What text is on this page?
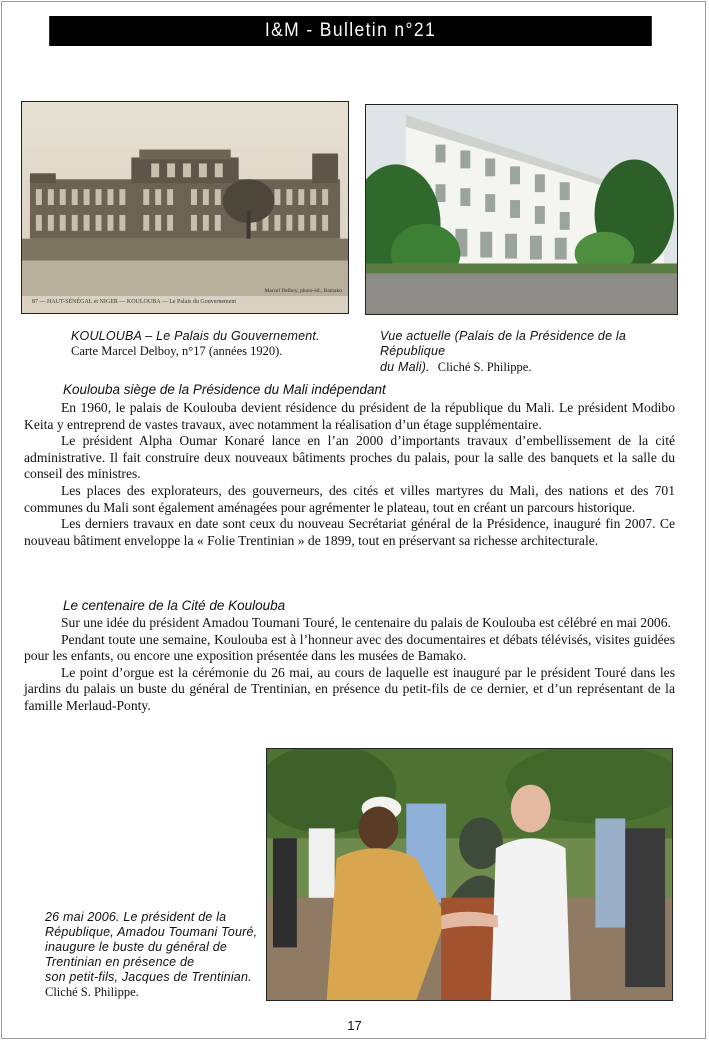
I&M - Bulletin n°21
Marcel Delboy, photo-éd., Bamako
87 — HAUT-SÉNÉGAL et NIGER — KOULOUBA — Le Palais du Gouvernement
KOULOUBA – Le Palais du Gouvernement.
Carte Marcel Delboy, n°17 (années 1920).
Vue actuelle (Palais de la Présidence de la République
du Mali). Cliché S. Philippe.
Koulouba siège de la Présidence du Mali indépendant

En 1960, le palais de Koulouba devient résidence du président de la république du Mali. Le président Modibo Keita y entreprend de vastes travaux, avec notamment la réalisation d’un étage supplémentaire.

Le président Alpha Oumar Konaré lance en l’an 2000 d’importants travaux d’embellissement de la cité administrative. Il fait construire deux nouveaux bâtiments proches du palais, pour la salle des banquets et la salle du conseil des ministres.

Les places des explorateurs, des gouverneurs, des cités et villes martyres du Mali, des nations et des 701 communes du Mali sont également aménagées pour agrémenter le plateau, tout en créant un parcours historique.

Les derniers travaux en date sont ceux du nouveau Secrétariat général de la Présidence, inauguré fin 2007. Ce nouveau bâtiment enveloppe la « Folie Trentinian » de 1899, tout en préservant sa richesse architecturale.

Le centenaire de la Cité de Koulouba

Sur une idée du président Amadou Toumani Touré, le centenaire du palais de Koulouba est célébré en mai 2006.

Pendant toute une semaine, Koulouba est à l’honneur avec des documentaires et débats télévisés, visites guidées pour les enfants, ou encore une exposition présentée dans les musées de Bamako.

Le point d’orgue est la cérémonie du 26 mai, au cours de laquelle est inauguré par le président Touré dans les jardins du palais un buste du général de Trentinian, en présence du petit-fils de ce dernier, et d’un représentant de la famille Merlaud-Ponty.

26 mai 2006. Le président de la
République, Amadou Toumani Touré,
inaugure le buste du général de
Trentinian en présence de
son petit-fils, Jacques de Trentinian.
Cliché S. Philippe.
17
